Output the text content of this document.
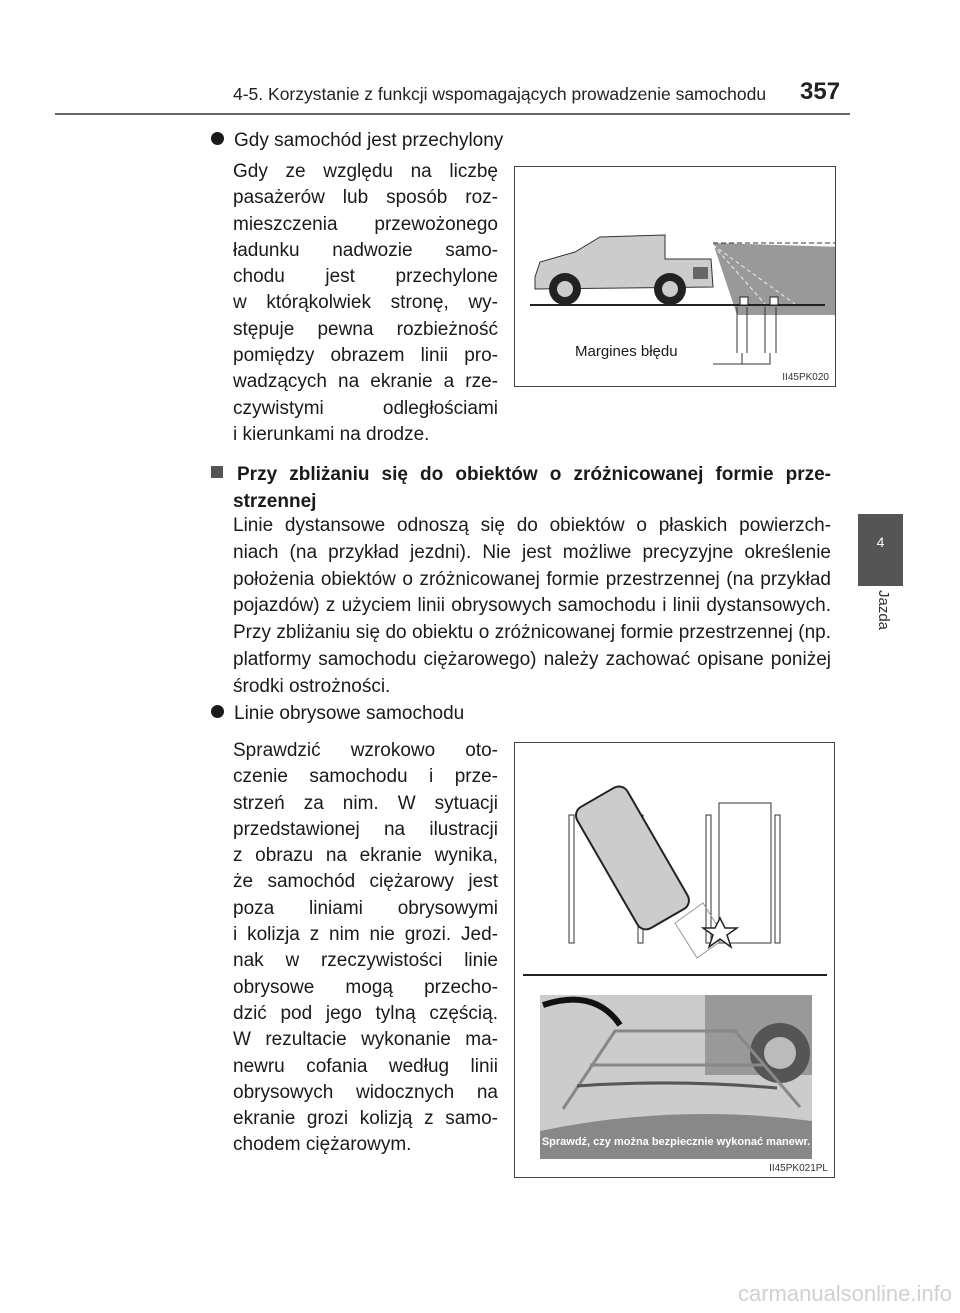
4-5. Korzystanie z funkcji wspomagających prowadzenie samochodu 357
4
Jazda
Gdy samochód jest przechylony
Gdy ze względu na liczbę
pasażerów lub sposób roz-
mieszczenia przewożonego
ładunku nadwozie samo-
chodu jest przechylone
w którąkolwiek stronę, wy-
stępuje pewna rozbieżność
pomiędzy obrazem linii pro-
wadzących na ekranie a rze-
czywistymi odległościami
i kierunkami na drodze.
Margines błędu
II45PK020
Przy zbliżaniu się do obiektów o zróżnicowanej formie prze-
strzennej
Linie dystansowe odnoszą się do obiektów o płaskich powierzch-
niach (na przykład jezdni). Nie jest możliwe precyzyjne określenie
położenia obiektów o zróżnicowanej formie przestrzennej (na przykład
pojazdów) z użyciem linii obrysowych samochodu i linii dystansowych.
Przy zbliżaniu się do obiektu o zróżnicowanej formie przestrzennej (np.
platformy samochodu ciężarowego) należy zachować opisane poniżej
środki ostrożności.
Linie obrysowe samochodu
Sprawdzić wzrokowo oto-
czenie samochodu i prze-
strzeń za nim. W sytuacji
przedstawionej na ilustracji
z obrazu na ekranie wynika,
że samochód ciężarowy jest
poza liniami obrysowymi
i kolizja z nim nie grozi. Jed-
nak w rzeczywistości linie
obrysowe mogą przecho-
dzić pod jego tylną częścią.
W rezultacie wykonanie ma-
newru cofania według linii
obrysowych widocznych na
ekranie grozi kolizją z samo-
chodem ciężarowym.	Sprawdź, czy można bezpiecznie wykonać manewr.
II45PK021PL
carmanualsonline.info
